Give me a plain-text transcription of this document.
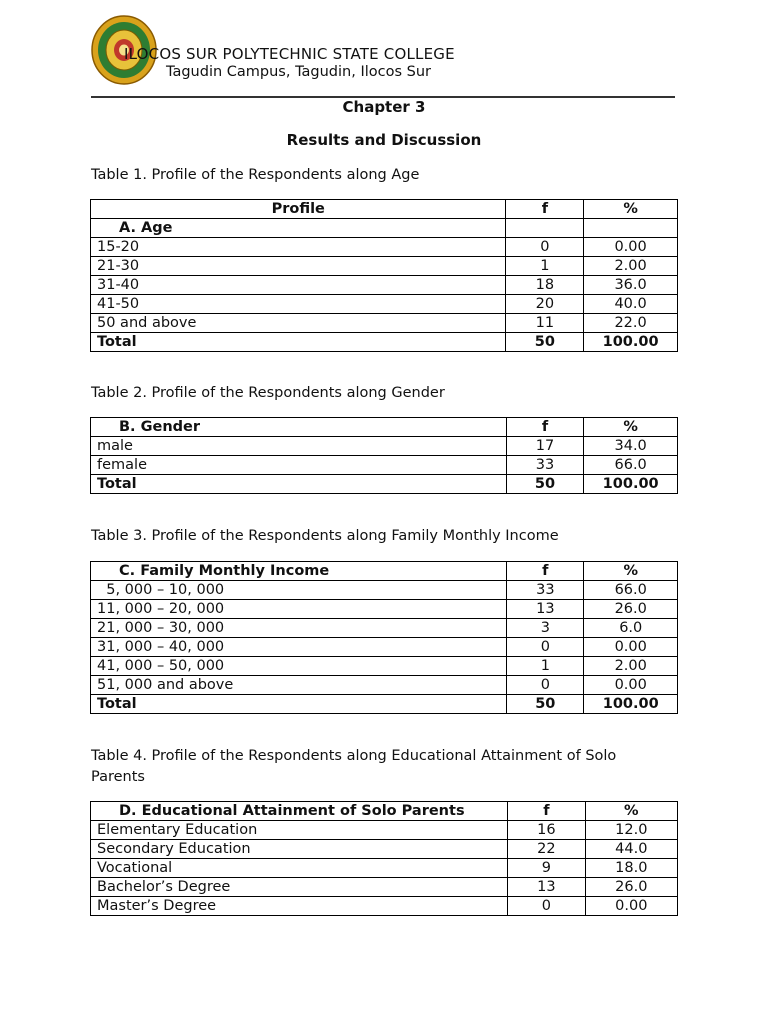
ILOCOS SUR POLYTECHNIC STATE COLLEGE
Tagudin Campus, Tagudin, Ilocos Sur
Chapter 3
Results and Discussion
Table 1. Profile of the Respondents along Age
Profile	f	%
A. Age		
15-20	0	0.00
21-30	1	2.00
31-40	18	36.0
41-50	20	40.0
50 and above	11	22.0
Total	50	100.00
Table 2. Profile of the Respondents along Gender
B. Gender	f	%
male	17	34.0
female	33	66.0
Total	50	100.00
Table 3. Profile of the Respondents along Family Monthly Income
C. Family Monthly Income	f	%
5, 000 – 10, 000	33	66.0
11, 000 – 20, 000	13	26.0
21, 000 – 30, 000	3	6.0
31, 000 – 40, 000	0	0.00
41, 000 – 50, 000	1	2.00
51, 000 and above	0	0.00
Total	50	100.00
Table 4. Profile of the Respondents along Educational Attainment of Solo Parents
D. Educational Attainment of Solo Parents	f	%
Elementary Education	16	12.0
Secondary Education	22	44.0
Vocational	9	18.0
Bachelor’s Degree	13	26.0
Master’s Degree	0	0.00
